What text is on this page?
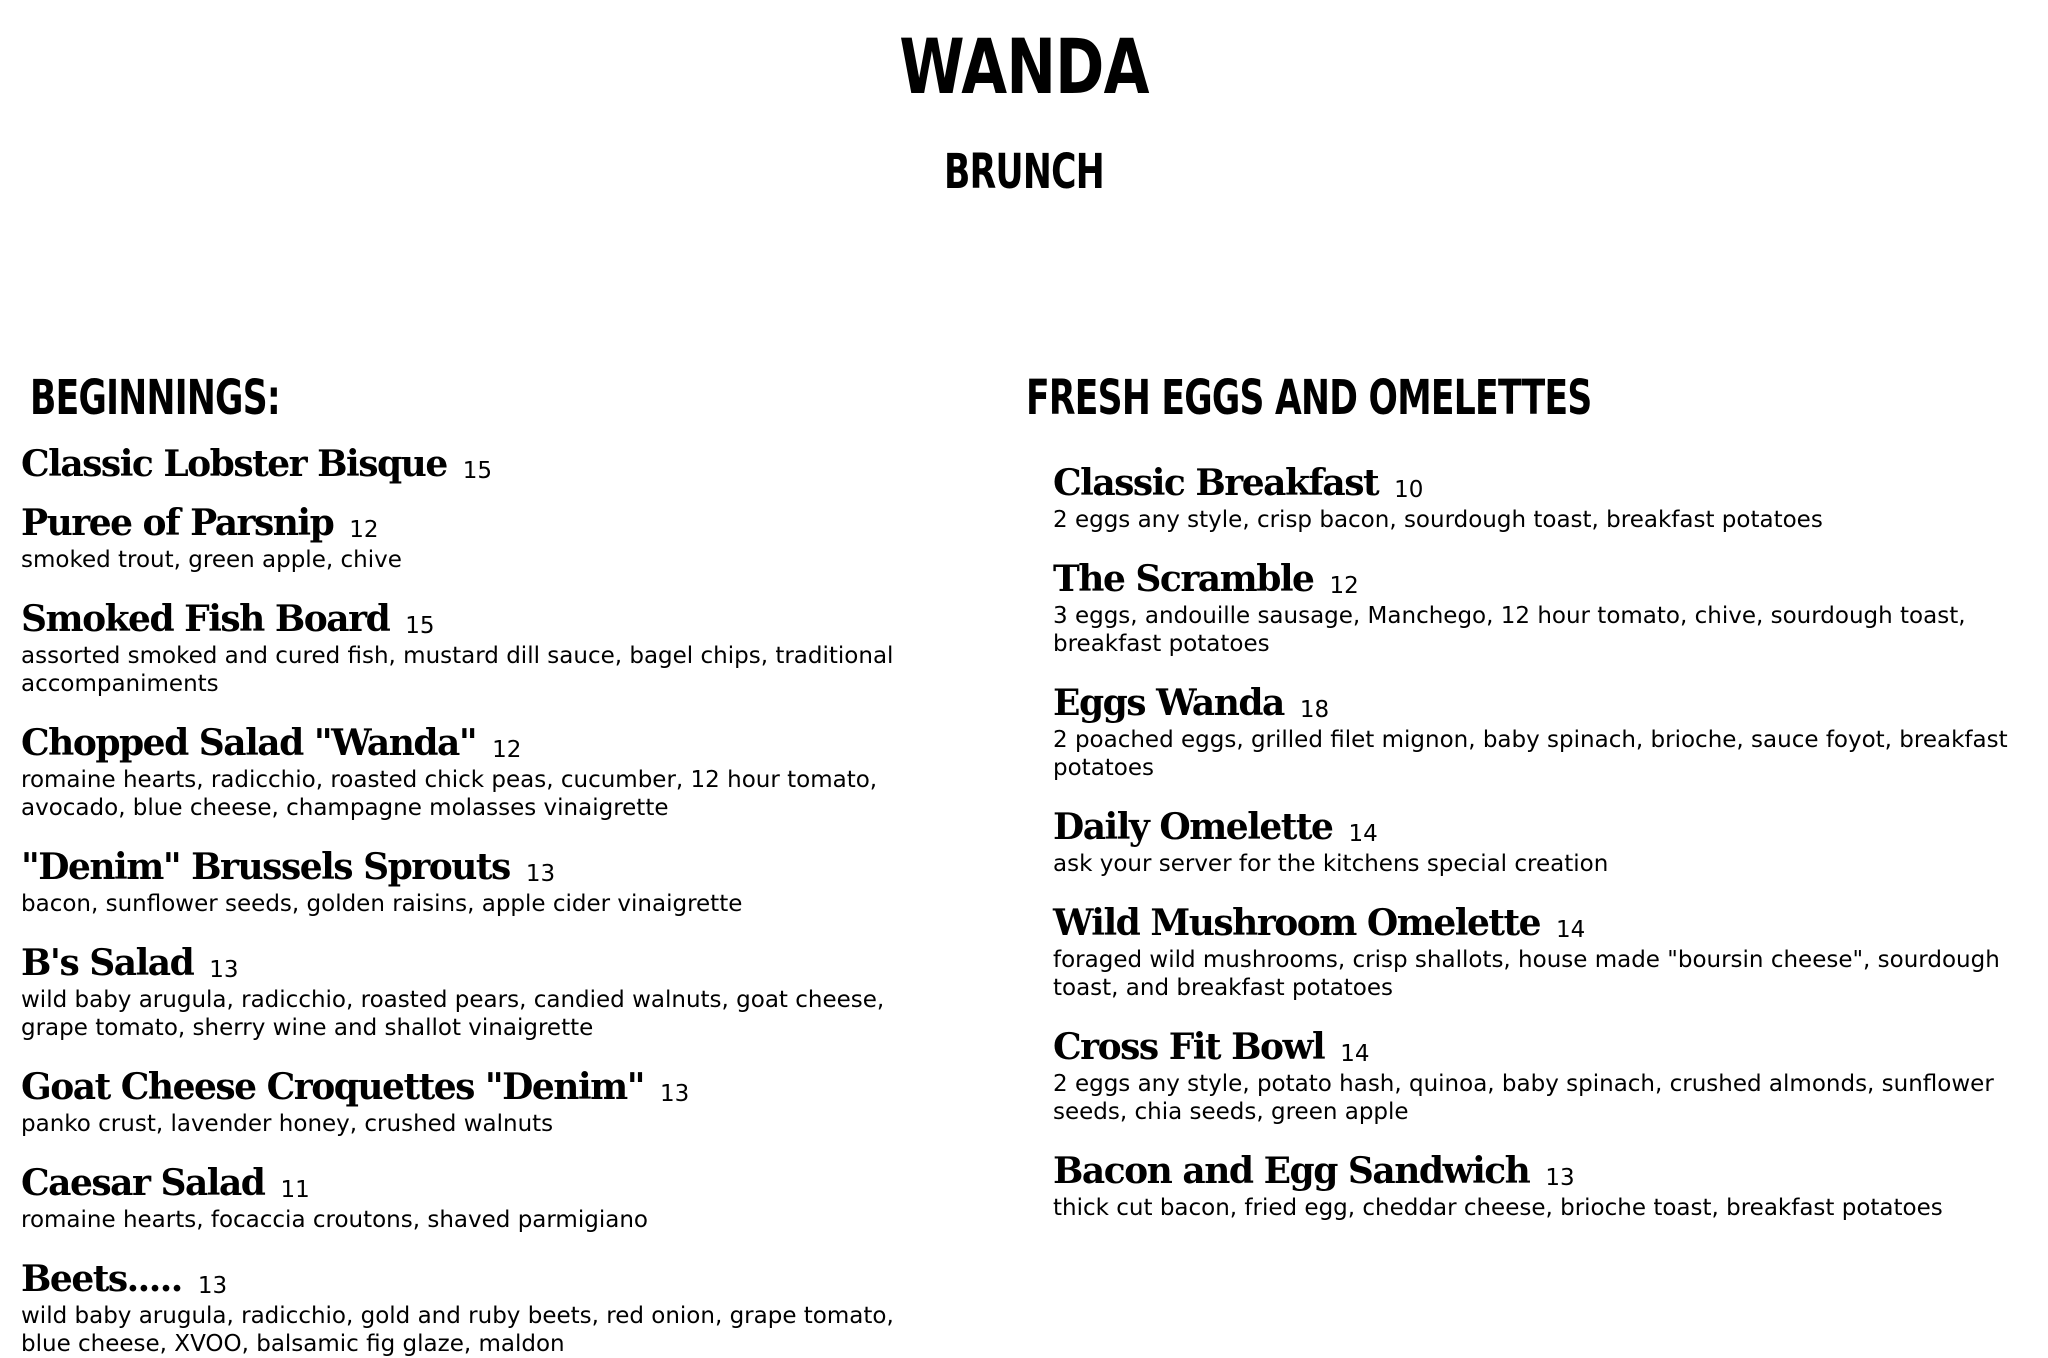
WANDA
BRUNCH
BEGINNINGS:	FRESH EGGS AND OMELETTES
Classic Lobster Bisque 15
Puree of Parsnip 12

smoked trout, green apple, chive

Smoked Fish Board 15

assorted smoked and cured fish, mustard dill sauce, bagel chips, traditional accompaniments

Chopped Salad "Wanda" 12

romaine hearts, radicchio, roasted chick peas, cucumber, 12 hour tomato, avocado, blue cheese, champagne molasses vinaigrette

"Denim" Brussels Sprouts 13

bacon, sunflower seeds, golden raisins, apple cider vinaigrette

B's Salad 13

wild baby arugula, radicchio, roasted pears, candied walnuts, goat cheese, grape tomato, sherry wine and shallot vinaigrette

Goat Cheese Croquettes "Denim" 13

panko crust, lavender honey, crushed walnuts

Caesar Salad 11

romaine hearts, focaccia croutons, shaved parmigiano

Beets..... 13

wild baby arugula, radicchio, gold and ruby beets, red onion, grape tomato, blue cheese, XVOO, balsamic fig glaze, maldon

Classic Breakfast 10

2 eggs any style, crisp bacon, sourdough toast, breakfast potatoes

The Scramble 12

3 eggs, andouille sausage, Manchego, 12 hour tomato, chive, sourdough toast, breakfast potatoes

Eggs Wanda 18

2 poached eggs, grilled filet mignon, baby spinach, brioche, sauce foyot, breakfast potatoes

Daily Omelette 14

ask your server for the kitchens special creation

Wild Mushroom Omelette 14

foraged wild mushrooms, crisp shallots, house made "boursin cheese", sourdough toast, and breakfast potatoes

Cross Fit Bowl 14

2 eggs any style, potato hash, quinoa, baby spinach, crushed almonds, sunflower seeds, chia seeds, green apple

Bacon and Egg Sandwich 13

thick cut bacon, fried egg, cheddar cheese, brioche toast, breakfast potatoes
